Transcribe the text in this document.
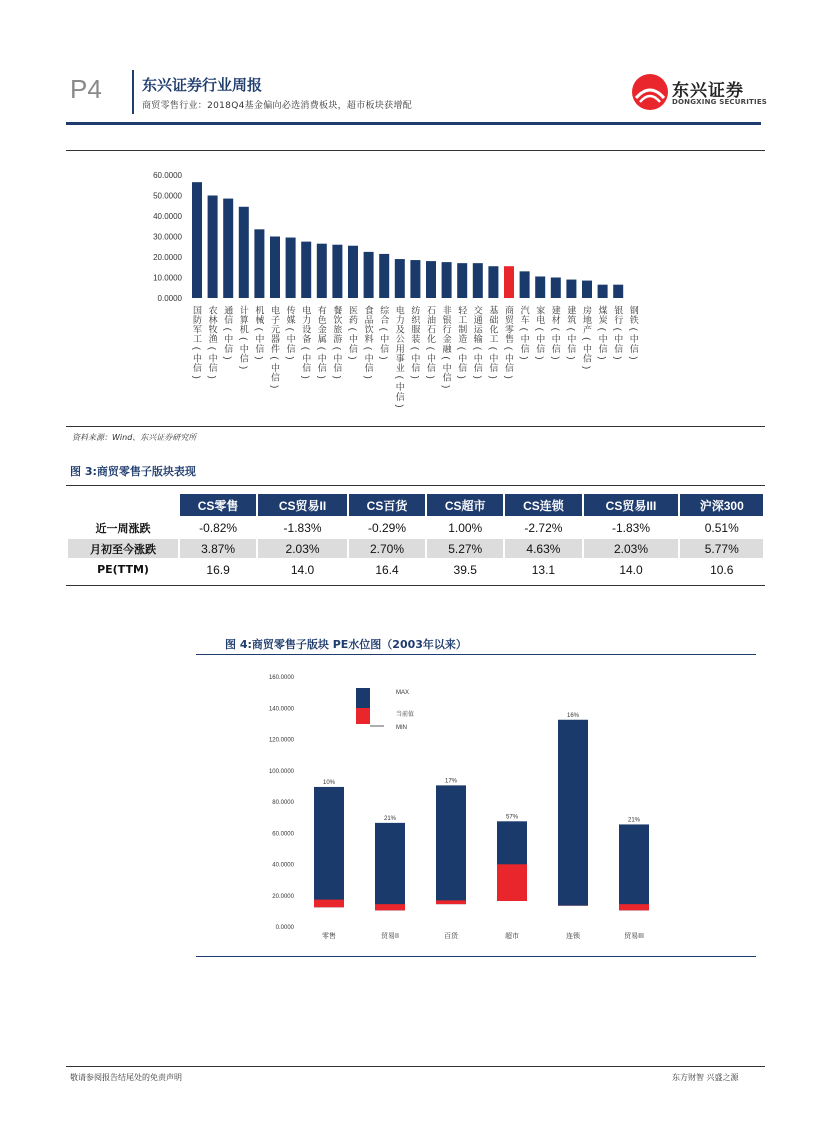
P4	东兴证券行业周报
商贸零售行业：2018Q4基金偏向必选消费板块，超市板块获增配
东兴证券
DONGXING SECURITIES
0.0000
10.0000
20.0000
30.0000
40.0000
50.0000
60.0000
国防军工(中信)
农林牧渔(中信)
通信(中信)
计算机(中信)
机械(中信)
电子元器件(中信)
传媒(中信)
电力设备(中信)
有色金属(中信)
餐饮旅游(中信)
医药(中信)
食品饮料(中信)
综合(中信)
电力及公用事业(中信)
纺织服装(中信)
石油石化(中信)
非银行金融(中信)
轻工制造(中信)
交通运输(中信)
基础化工(中信)
商贸零售(中信)
汽车(中信)
家电(中信)
建材(中信)
建筑(中信)
房地产(中信)
煤炭(中信)
银行(中信)
钢铁(中信)
资料来源：Wind、东兴证券研究所
图 3:商贸零售子版块表现
	CS零售	CS贸易II	CS百货	CS超市	CS连锁	CS贸易III	沪深300
近一周涨跌	-0.82%	-1.83%	-0.29%	1.00%	-2.72%	-1.83%	0.51%
月初至今涨跌	3.87%	2.03%	2.70%	5.27%	4.63%	2.03%	5.77%
PE(TTM)	16.9	14.0	16.4	39.5	13.1	14.0	10.6
图 4:商贸零售子版块 PE水位图（2003年以来）
0.0000
20.0000
40.0000
60.0000
80.0000
100.0000
120.0000
140.0000
160.0000
10%
零售
21%
贸易II
17%
百货
57%
超市
16%
连锁
21%
贸易III
MAX
当前值
MIN
敬请参阅报告结尾处的免责声明	东方财智 兴盛之源
